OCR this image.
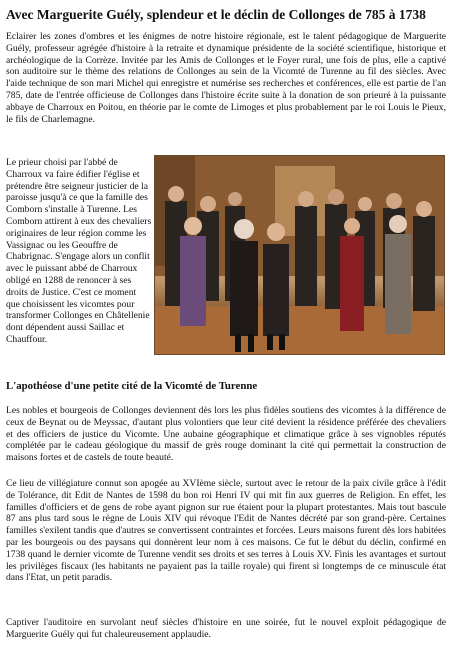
Avec Marguerite Guély, splendeur et le déclin de Collonges de 785 à 1738

Eclairer les zones d'ombres et les énigmes de notre histoire régionale, est le talent pédagogique de Marguerite Guély, professeur agrégée d'histoire à la retraite et dynamique présidente de la société scientifique, historique et archéologique de la Corrèze. Invitée par les Amis de Collonges et le Foyer rural, une fois de plus, elle a captivé son auditoire sur le thème des relations de Collonges au sein de la Vicomté de Turenne au fil des siècles. Avec l'aide technique de son mari Michel qui enregistre et numérise ses recherches et conférences, elle est partie de l'an 785, date de l'entrée officieuse de Collonges dans l'histoire écrite suite à la donation de son prieuré à la puissante abbaye de Charroux en Poitou, en théorie par le comte de Limoges et plus probablement par le roi Louis le Pieux, le fils de Charlemagne.

Le prieur choisi par l'abbé de Charroux va faire édifier l'église et prétendre être seigneur justicier de la paroisse jusqu'à ce que la famille des Comborn s'installe à Turenne. Les Comborn attirent à eux des chevaliers originaires de leur région comme les Vassignac ou les Geouffre de Chabrignac. S'engage alors un conflit avec le puissant abbé de Charroux obligé en 1288 de renoncer à ses droits de Justice. C'est ce moment que choisissent les vicomtes pour transformer Collonges en Châtellenie dont dépendent aussi Saillac et Chauffour.

L'apothéose d'une petite cité de la Vicomté de Turenne

Les nobles et bourgeois de Collonges deviennent dès lors les plus fidèles soutiens des vicomtes à la différence de ceux de Beynat ou de Meyssac, d'autant plus volontiers que leur cité devient la résidence préférée des chevaliers et des officiers de justice du Vicomte. Une aubaine géographique et climatique grâce à ses vignobles réputés complétée par le cadeau géologique du massif de grès rouge dominant la cité qui permettait la construction de maisons fortes et de castels de toute beauté.

Ce lieu de villégiature connut son apogée au XVIème siècle, surtout avec le retour de la paix civile grâce à l'édit de Tolérance, dit Edit de Nantes de 1598 du bon roi Henri IV qui mit fin aux guerres de Religion. En effet, les familles d'officiers et de gens de robe ayant pignon sur rue étaient pour la plupart protestantes. Mais tout bascule 87 ans plus tard sous le règne de Louis XIV qui révoque l'Edit de Nantes décrété par son grand-père. Certaines familles s'exilent tandis que d'autres se convertissent contraintes et forcées. Leurs maisons furent dès lors habitées par les bourgeois ou des paysans qui donnèrent leur nom à ces maisons. Ce fut le début du déclin, confirmé en 1738 quand le dernier vicomte de Turenne vendit ses droits et ses terres à Louis XV. Finis les avantages et surtout les privilèges fiscaux (les habitants ne payaient pas la taille royale) qui firent si longtemps de ce minuscule état dans l'Etat, un petit paradis.

Captiver l'auditoire en survolant neuf siècles d'histoire en une soirée, fut le nouvel exploit pédagogique de Marguerite Guély qui fut chaleureusement applaudie.
